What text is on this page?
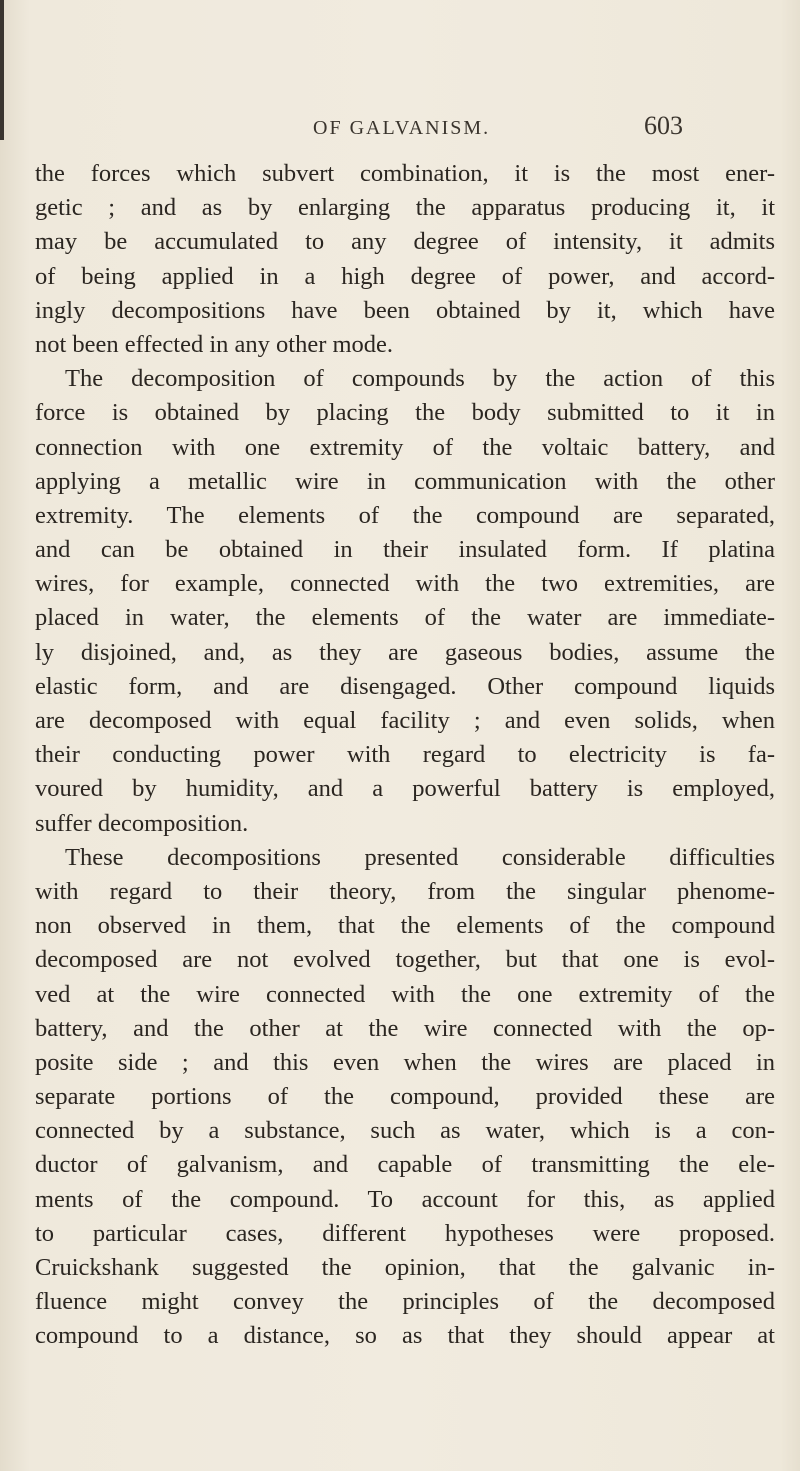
OF GALVANISM.	603
the forces which subvert combination, it is the most ener-
getic ; and as by enlarging the apparatus producing it, it
may be accumulated to any degree of intensity, it admits
of being applied in a high degree of power, and accord-
ingly decompositions have been obtained by it, which have
not been effected in any other mode.
The decomposition of compounds by the action of this
force is obtained by placing the body submitted to it in
connection with one extremity of the voltaic battery, and
applying a metallic wire in communication with the other
extremity. The elements of the compound are separated,
and can be obtained in their insulated form. If platina
wires, for example, connected with the two extremities, are
placed in water, the elements of the water are immediate-
ly disjoined, and, as they are gaseous bodies, assume the
elastic form, and are disengaged. Other compound liquids
are decomposed with equal facility ; and even solids, when
their conducting power with regard to electricity is fa-
voured by humidity, and a powerful battery is employed,
suffer decomposition.
These decompositions presented considerable difficulties
with regard to their theory, from the singular phenome-
non observed in them, that the elements of the compound
decomposed are not evolved together, but that one is evol-
ved at the wire connected with the one extremity of the
battery, and the other at the wire connected with the op-
posite side ; and this even when the wires are placed in
separate portions of the compound, provided these are
connected by a substance, such as water, which is a con-
ductor of galvanism, and capable of transmitting the ele-
ments of the compound. To account for this, as applied
to particular cases, different hypotheses were proposed.
Cruickshank suggested the opinion, that the galvanic in-
fluence might convey the principles of the decomposed
compound to a distance, so as that they should appear at
